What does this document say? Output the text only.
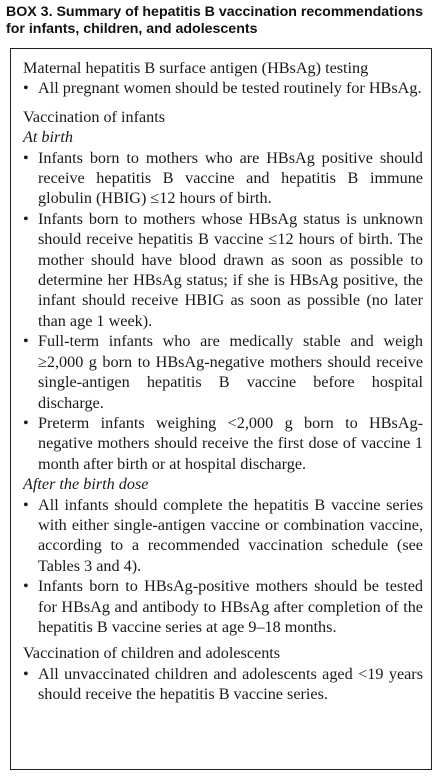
BOX 3. Summary of hepatitis B vaccination recommendations for infants, children, and adolescents

Maternal hepatitis B surface antigen (HBsAg) testing

• All pregnant women should be tested routinely for HBsAg.

Vaccination of infants

At birth

• Infants born to mothers who are HBsAg positive should receive hepatitis B vaccine and hepatitis B immune globulin (HBIG) ≤12 hours of birth.
• Infants born to mothers whose HBsAg status is unknown should receive hepatitis B vaccine ≤12 hours of birth. The mother should have blood drawn as soon as possible to determine her HBsAg status; if she is HBsAg positive, the infant should receive HBIG as soon as possible (no later than age 1 week).
• Full-term infants who are medically stable and weigh ≥2,000 g born to HBsAg-negative mothers should receive single-antigen hepatitis B vaccine before hospital discharge.
• Preterm infants weighing <2,000 g born to HBsAg-negative mothers should receive the first dose of vaccine 1 month after birth or at hospital discharge.

After the birth dose

• All infants should complete the hepatitis B vaccine series with either single-antigen vaccine or combination vaccine, according to a recommended vaccination schedule (see Tables 3 and 4).
• Infants born to HBsAg-positive mothers should be tested for HBsAg and antibody to HBsAg after completion of the hepatitis B vaccine series at age 9–18 months.

Vaccination of children and adolescents

• All unvaccinated children and adolescents aged <19 years should receive the hepatitis B vaccine series.
